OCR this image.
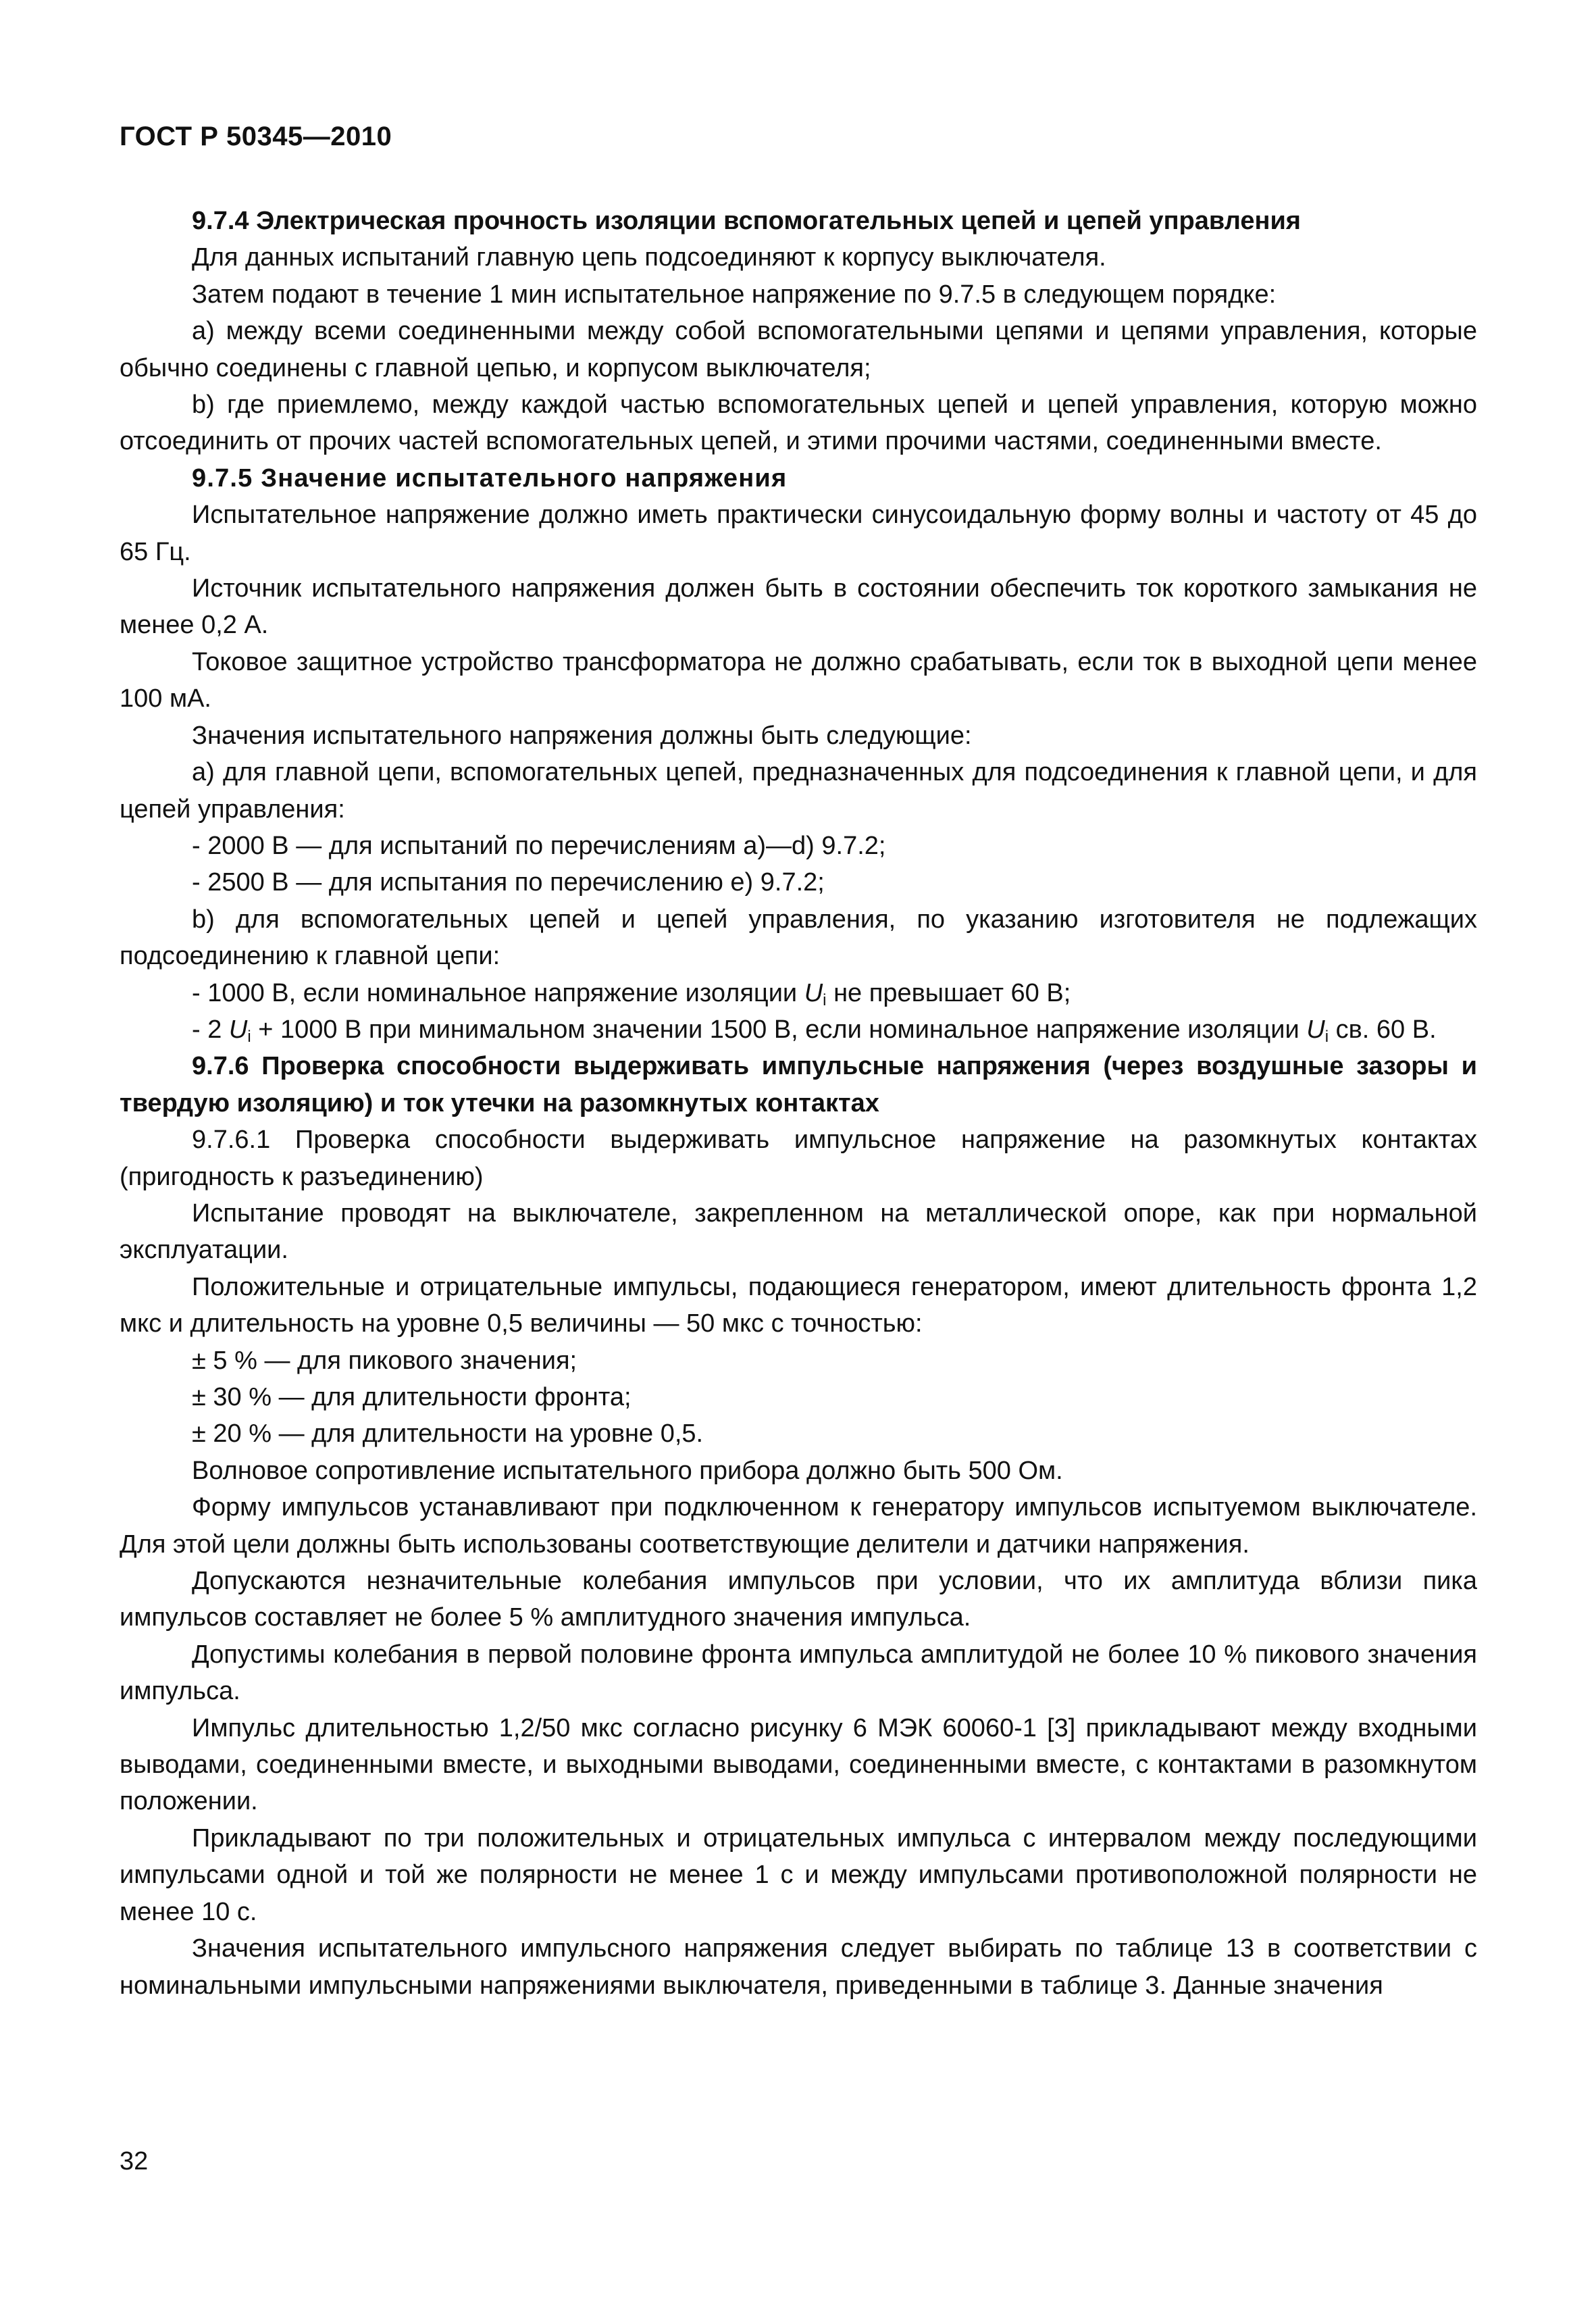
ГОСТ Р 50345—2010

9.7.4 Электрическая прочность изоляции вспомогательных цепей и цепей управления

Для данных испытаний главную цепь подсоединяют к корпусу выключателя.

Затем подают в течение 1 мин испытательное напряжение по 9.7.5 в следующем порядке:

a) между всеми соединенными между собой вспомогательными цепями и цепями управления, которые обычно соединены с главной цепью, и корпусом выключателя;

b) где приемлемо, между каждой частью вспомогательных цепей и цепей управления, которую можно отсоединить от прочих частей вспомогательных цепей, и этими прочими частями, соединенными вместе.

9.7.5 Значение испытательного напряжения

Испытательное напряжение должно иметь практически синусоидальную форму волны и частоту от 45 до 65 Гц.

Источник испытательного напряжения должен быть в состоянии обеспечить ток короткого замыкания не менее 0,2 А.

Токовое защитное устройство трансформатора не должно срабатывать, если ток в выходной цепи менее 100 мА.

Значения испытательного напряжения должны быть следующие:

a) для главной цепи, вспомогательных цепей, предназначенных для подсоединения к главной цепи, и для цепей управления:

- 2000 В — для испытаний по перечислениям а)—d) 9.7.2;

- 2500 В — для испытания по перечислению е) 9.7.2;

b) для вспомогательных цепей и цепей управления, по указанию изготовителя не подлежащих подсоединению к главной цепи:

- 1000 В, если номинальное напряжение изоляции $U_i$ не превышает 60 В;

- 2 $U_i + 1000$ В при минимальном значении 1500 В, если номинальное напряжение изоляции $U_i$ св. 60 В.

9.7.6 Проверка способности выдерживать импульсные напряжения (через воздушные зазоры и твердую изоляцию) и ток утечки на разомкнутых контактах

9.7.6.1 Проверка способности выдерживать импульсное напряжение на разомкнутых контактах (пригодность к разъединению)

Испытание проводят на выключателе, закрепленном на металлической опоре, как при нормальной эксплуатации.

Положительные и отрицательные импульсы, подающиеся генератором, имеют длительность фронта 1,2 мкс и длительность на уровне 0,5 величины — 50 мкс с точностью:

± 5 % — для пикового значения;

± 30 % — для длительности фронта;

± 20 % — для длительности на уровне 0,5.

Волновое сопротивление испытательного прибора должно быть 500 Ом.

Форму импульсов устанавливают при подключенном к генератору импульсов испытуемом выключателе. Для этой цели должны быть использованы соответствующие делители и датчики напряжения.

Допускаются незначительные колебания импульсов при условии, что их амплитуда вблизи пика импульсов составляет не более 5 % амплитудного значения импульса.

Допустимы колебания в первой половине фронта импульса амплитудой не более 10 % пикового значения импульса.

Импульс длительностью 1,2/50 мкс согласно рисунку 6 МЭК 60060-1 [3] прикладывают между входными выводами, соединенными вместе, и выходными выводами, соединенными вместе, с контактами в разомкнутом положении.

Прикладывают по три положительных и отрицательных импульса с интервалом между последующими импульсами одной и той же полярности не менее 1 с и между импульсами противоположной полярности не менее 10 с.

Значения испытательного импульсного напряжения следует выбирать по таблице 13 в соответствии с номинальными импульсными напряжениями выключателя, приведенными в таблице 3. Данные значения

32
